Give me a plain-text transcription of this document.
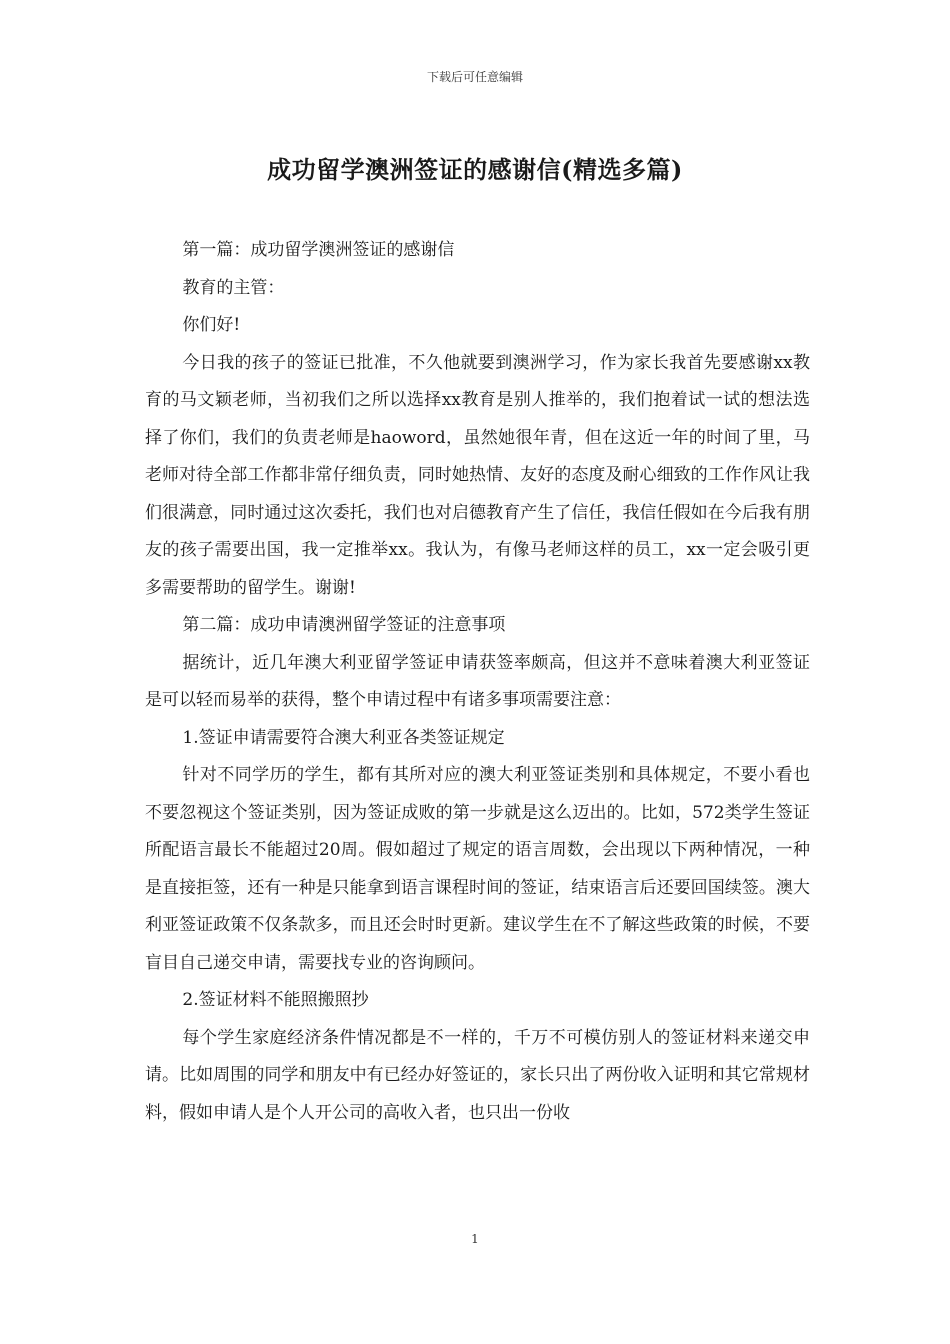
下载后可任意编辑
成功留学澳洲签证的感谢信(精选多篇)

第一篇：成功留学澳洲签证的感谢信

教育的主管：

你们好!

今日我的孩子的签证已批准，不久他就要到澳洲学习，作为家长我首先要感谢xx教育的马文颖老师，当初我们之所以选择xx教育是别人推举的，我们抱着试一试的想法选择了你们，我们的负责老师是haoword，虽然她很年青，但在这近一年的时间了里，马老师对待全部工作都非常仔细负责，同时她热情、友好的态度及耐心细致的工作作风让我们很满意，同时通过这次委托，我们也对启德教育产生了信任，我信任假如在今后我有朋友的孩子需要出国，我一定推举xx。我认为，有像马老师这样的员工，xx一定会吸引更多需要帮助的留学生。谢谢!

第二篇：成功申请澳洲留学签证的注意事项

据统计，近几年澳大利亚留学签证申请获签率颇高，但这并不意味着澳大利亚签证是可以轻而易举的获得，整个申请过程中有诸多事项需要注意：

1.签证申请需要符合澳大利亚各类签证规定

针对不同学历的学生，都有其所对应的澳大利亚签证类别和具体规定，不要小看也不要忽视这个签证类别，因为签证成败的第一步就是这么迈出的。比如，572类学生签证所配语言最长不能超过20周。假如超过了规定的语言周数，会出现以下两种情况，一种是直接拒签，还有一种是只能拿到语言课程时间的签证，结束语言后还要回国续签。澳大利亚签证政策不仅条款多，而且还会时时更新。建议学生在不了解这些政策的时候，不要盲目自己递交申请，需要找专业的咨询顾问。

2.签证材料不能照搬照抄

每个学生家庭经济条件情况都是不一样的，千万不可模仿别人的签证材料来递交申请。比如周围的同学和朋友中有已经办好签证的，家长只出了两份收入证明和其它常规材料，假如申请人是个人开公司的高收入者，也只出一份收

1
